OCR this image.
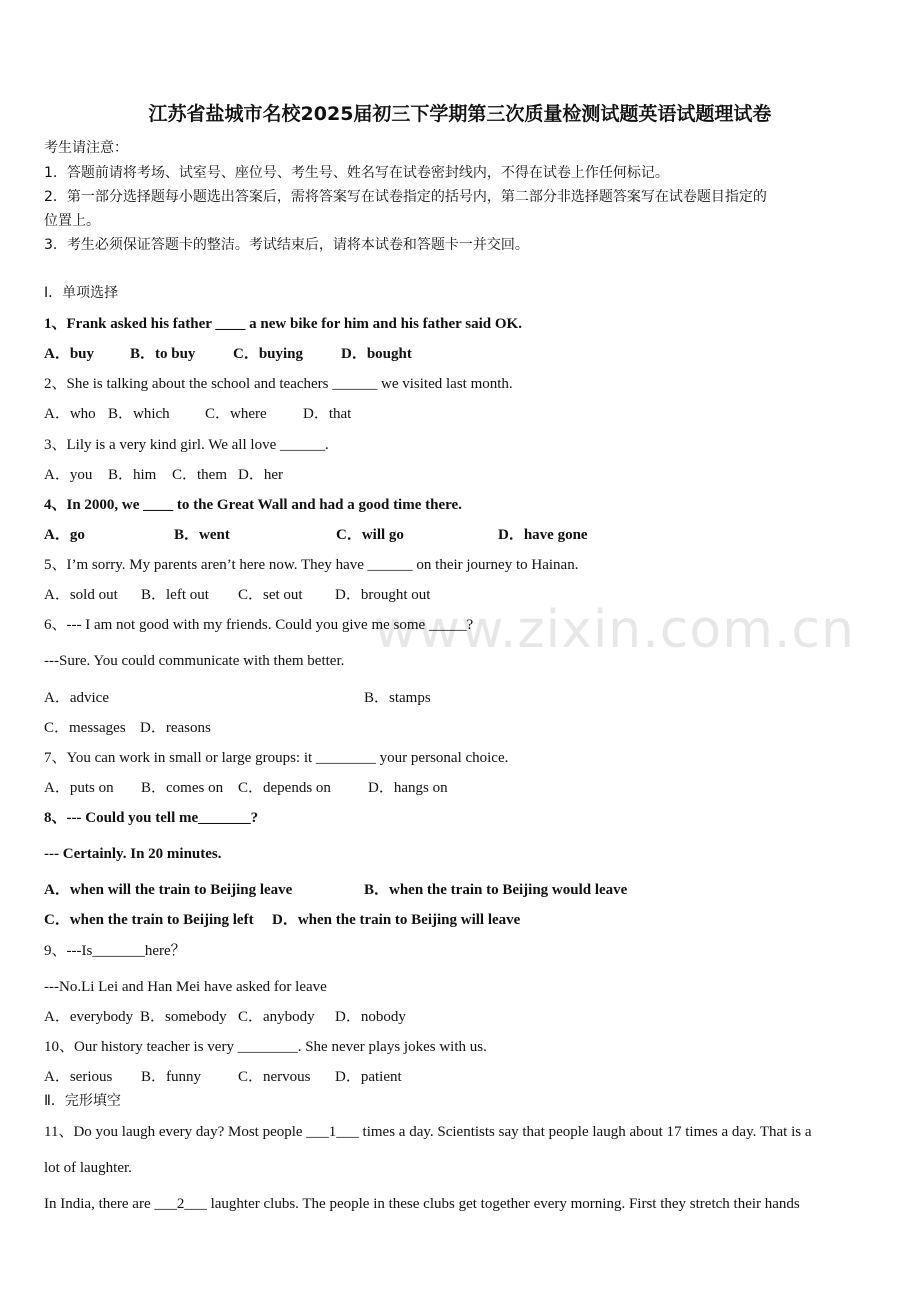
江苏省盐城市名校2025届初三下学期第三次质量检测试题英语试题理试卷
考生请注意：
1．答题前请将考场、试室号、座位号、考生号、姓名写在试卷密封线内，不得在试卷上作任何标记。
2．第一部分选择题每小题选出答案后，需将答案写在试卷指定的括号内，第二部分非选择题答案写在试卷题目指定的
位置上。
3．考生必须保证答题卡的整洁。考试结束后，请将本试卷和答题卡一并交回。
Ⅰ．单项选择
1、Frank asked his father ____ a new bike for him and his father said OK.
A．buy B．to buy	C．buying	D．bought
2、She is talking about the school and teachers ______ we visited last month.
A．who B．which C．where D．that
3、Lily is a very kind girl. We all love ______.
A．you B．him C．them D．her
4、In 2000, we ____ to the Great Wall and had a good time there.
A．go	B．went	C．will go	D．have gone
5、I’m sorry. My parents aren’t here now. They have ______ on their journey to Hainan.
A．sold out B．left out C．set out D．brought out
6、--- I am not good with my friends. Could you give me some _____?
---Sure. You could communicate with them better.
A．advice	B．stamps
C．messages D．reasons
www.zixin.com.cn
7、You can work in small or large groups: it ________ your personal choice.
A．puts on B．comes on C．depends on D．hangs on
8、--- Could you tell me_______?
--- Certainly. In 20 minutes.
A．when will the train to Beijing leave	B．when the train to Beijing would leave
C．when the train to Beijing left D．when the train to Beijing will leave
9、---Is_______here？
---No.Li Lei and Han Mei have asked for leave
A．everybody B．somebody C．anybody D．nobody
10、Our history teacher is very ________. She never plays jokes with us.
A．serious B．funny C．nervous D．patient
Ⅱ．完形填空
11、Do you laugh every day? Most people ___1___ times a day. Scientists say that people laugh about 17 times a day. That is a
lot of laughter.
In India, there are ___2___ laughter clubs. The people in these clubs get together every morning. First they stretch their hands
